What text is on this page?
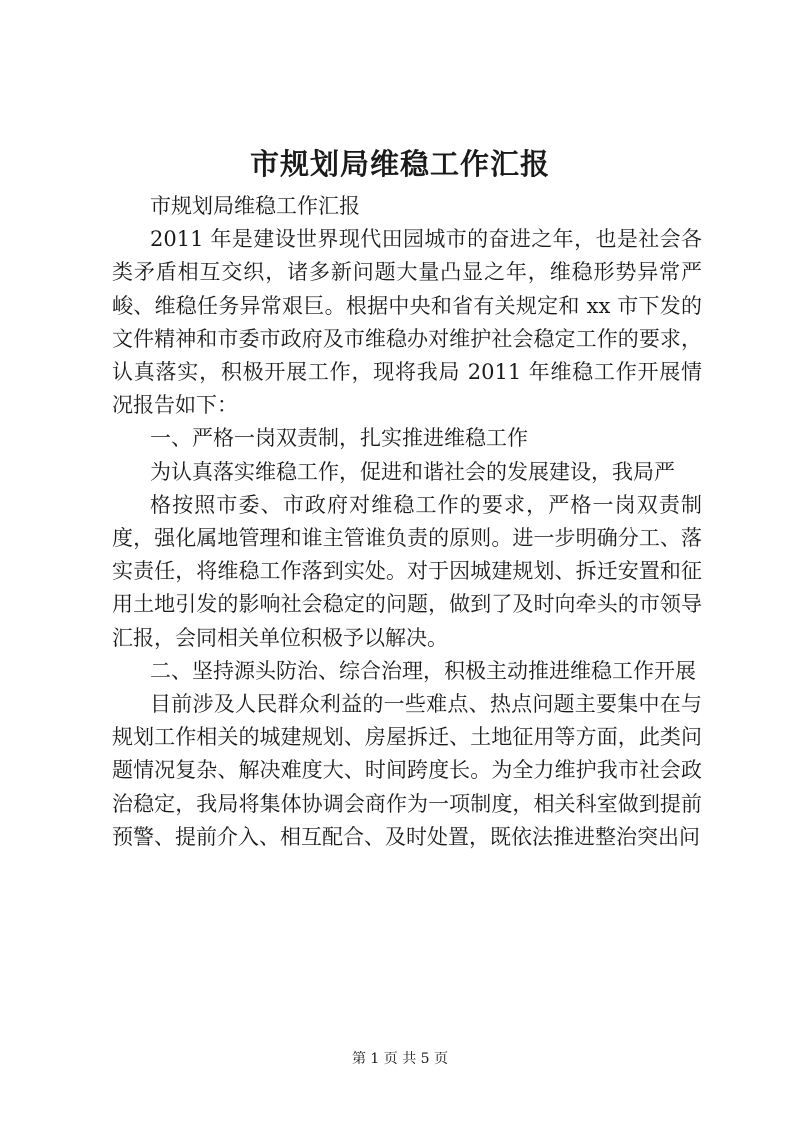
市规划局维稳工作汇报

市规划局维稳工作汇报

2011 年是建设世界现代田园城市的奋进之年，也是社会各类矛盾相互交织，诸多新问题大量凸显之年，维稳形势异常严峻、维稳任务异常艰巨。根据中央和省有关规定和 xx 市下发的文件精神和市委市政府及市维稳办对维护社会稳定工作的要求，认真落实，积极开展工作，现将我局 2011 年维稳工作开展情况报告如下：

一、严格一岗双责制，扎实推进维稳工作

为认真落实维稳工作，促进和谐社会的发展建设，我局严

格按照市委、市政府对维稳工作的要求，严格一岗双责制度，强化属地管理和谁主管谁负责的原则。进一步明确分工、落实责任，将维稳工作落到实处。对于因城建规划、拆迁安置和征用土地引发的影响社会稳定的问题，做到了及时向牵头的市领导汇报，会同相关单位积极予以解决。

二、坚持源头防治、综合治理，积极主动推进维稳工作开展

目前涉及人民群众利益的一些难点、热点问题主要集中在与规划工作相关的城建规划、房屋拆迁、土地征用等方面，此类问题情况复杂、解决难度大、时间跨度长。为全力维护我市社会政治稳定，我局将集体协调会商作为一项制度，相关科室做到提前预警、提前介入、相互配合、及时处置，既依法推进整治突出问

第 1 页 共 5 页
